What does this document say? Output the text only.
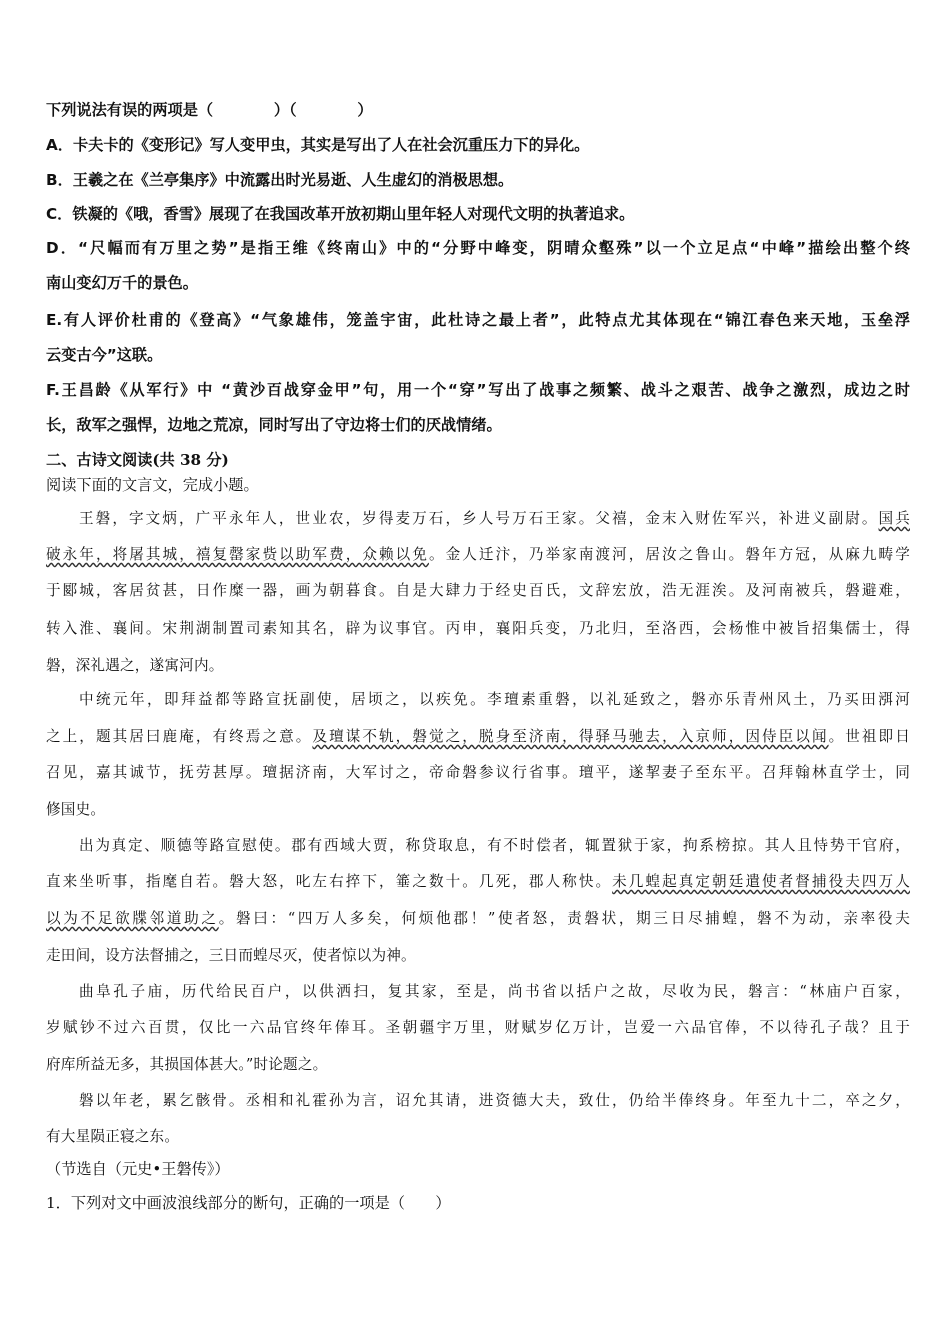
下列说法有误的两项是（　　　　）（　　　　）
A．卡夫卡的《变形记》写人变甲虫，其实是写出了人在社会沉重压力下的异化。
B．王羲之在《兰亭集序》中流露出时光易逝、人生虚幻的消极思想。
C．铁凝的《哦，香雪》展现了在我国改革开放初期山里年轻人对现代文明的执著追求。
D．“尺幅而有万里之势”是指王维《终南山》中的“分野中峰变，阴晴众壑殊”以一个立足点“中峰”描绘出整个终
南山变幻万千的景色。
E.有人评价杜甫的《登高》“气象雄伟，笼盖宇宙，此杜诗之最上者”，此特点尤其体现在“锦江春色来天地，玉垒浮
云变古今”这联。
F.王昌龄《从军行》中 “黄沙百战穿金甲”句，用一个“穿”写出了战事之频繁、战斗之艰苦、战争之激烈，成边之时
长，敌军之强悍，边地之荒凉，同时写出了守边将士们的厌战情绪。
二、古诗文阅读(共 38 分)
阅读下面的文言文，完成小题。
王磐，字文炳，广平永年人，世业农，岁得麦万石，乡人号万石王家。父禧，金末入财佐军兴，补进义副尉。国兵
破永年，将屠其城，禧复罄家赀以助军费，众赖以免。金人迁汴，乃举家南渡河，居汝之鲁山。磐年方冠，从麻九畴学
于郾城，客居贫甚，日作糜一器，画为朝暮食。自是大肆力于经史百氏，文辞宏放，浩无涯涘。及河南被兵，磐避难，
转入淮、襄间。宋荆湖制置司素知其名，辟为议事官。丙申，襄阳兵变，乃北归，至洛西，会杨惟中被旨招集儒士，得
磐，深礼遇之，遂寓河内。
中统元年，即拜益都等路宣抚副使，居顷之，以疾免。李璮素重磐，以礼延致之，磐亦乐青州风土，乃买田渳河
之上，题其居曰鹿庵，有终焉之意。及璮谋不轨，磐觉之，脱身至济南，得驿马驰去，入京师，因侍臣以闻。世祖即日
召见，嘉其诚节，抚劳甚厚。璮据济南，大军讨之，帝命磐参议行省事。璮平，遂挈妻子至东平。召拜翰林直学士，同
修国史。
出为真定、顺德等路宣慰使。郡有西域大贾，称贷取息，有不时偿者，辄置狱于家，拘系榜掠。其人且恃势干官府，
直来坐听事，指麾自若。磐大怒，叱左右捽下，箠之数十。几死，郡人称快。未几蝗起真定朝廷遣使者督捕役夫四万人
以为不足欲牒邻道助之。磐曰：“四万人多矣，何烦他郡！”使者怒，责磐状，期三日尽捕蝗，磐不为动，亲率役夫
走田间，设方法督捕之，三日而蝗尽灭，使者惊以为神。
曲阜孔子庙，历代给民百户，以供洒扫，复其家，至是，尚书省以括户之故，尽收为民，磐言：“林庙户百家，
岁赋钞不过六百贯，仅比一六品官终年俸耳。圣朝疆宇万里，财赋岁亿万计，岂爱一六品官俸，不以待孔子哉？且于
府库所益无多，其损国体甚大。”时论题之。
磐以年老，累乞骸骨。丞相和礼霍孙为言，诏允其请，进资德大夫，致仕，仍给半俸终身。年至九十二，卒之夕，
有大星陨正寝之东。
（节选自（元史•王磐传》）
1．下列对文中画波浪线部分的断句，正确的一项是（　　）
